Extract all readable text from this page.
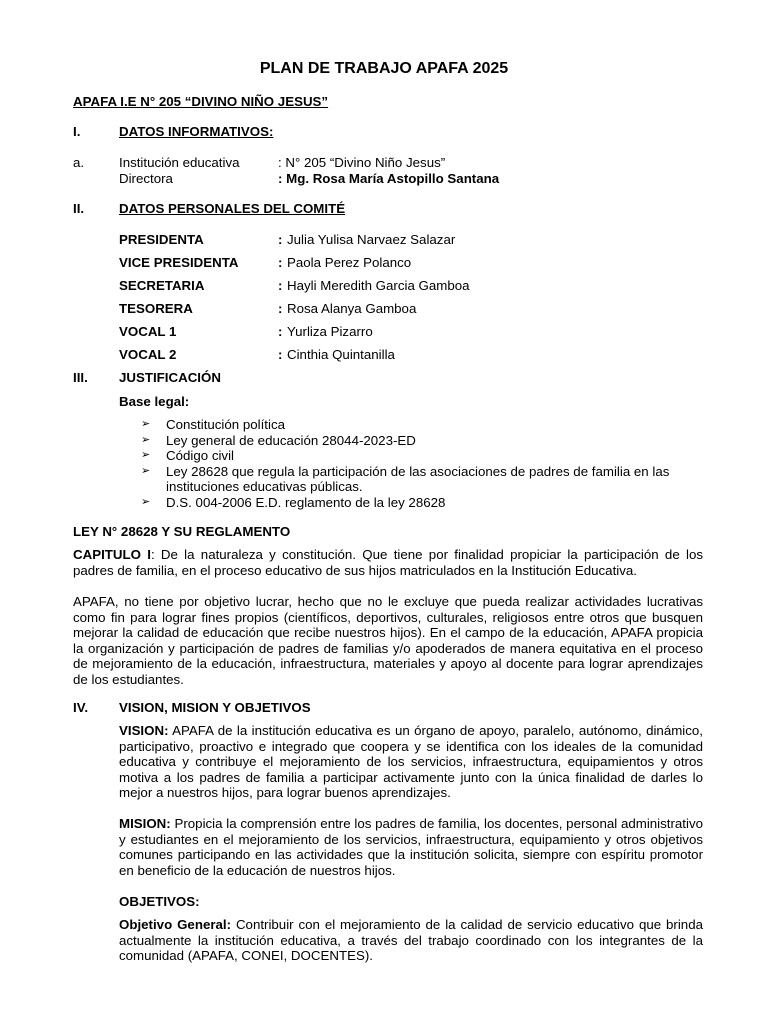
PLAN DE TRABAJO APAFA 2025
APAFA I.E N° 205 “DIVINO NIÑO JESUS”
I.	DATOS INFORMATIVOS:
a.	Institución educativa	: N° 205 “Divino Niño Jesus”
Directora	: Mg. Rosa María Astopillo Santana
II.	DATOS PERSONALES DEL COMITÉ
PRESIDENTA	: Julia Yulisa Narvaez Salazar
VICE PRESIDENTA	: Paola Perez Polanco
SECRETARIA	: Hayli Meredith Garcia Gamboa
TESORERA	: Rosa Alanya Gamboa
VOCAL 1	: Yurliza Pizarro
VOCAL 2	: Cinthia Quintanilla
III. JUSTIFICACIÓN
Base legal:
➢ Constitución política
➢ Ley general de educación 28044-2023-ED
➢ Código civil
➢ Ley 28628 que regula la participación de las asociaciones de padres de familia en las instituciones educativas públicas.
➢ D.S. 004-2006 E.D. reglamento de la ley 28628
LEY N° 28628 Y SU REGLAMENTO
CAPITULO I: De la naturaleza y constitución. Que tiene por finalidad propiciar la participación de los padres de familia, en el proceso educativo de sus hijos matriculados en la Institución Educativa.
APAFA, no tiene por objetivo lucrar, hecho que no le excluye que pueda realizar actividades lucrativas como fin para lograr fines propios (científicos, deportivos, culturales, religiosos entre otros que busquen mejorar la calidad de educación que recibe nuestros hijos). En el campo de la educación, APAFA propicia la organización y participación de padres de familias y/o apoderados de manera equitativa en el proceso de mejoramiento de la educación, infraestructura, materiales y apoyo al docente para lograr aprendizajes de los estudiantes.
IV. VISION, MISION Y OBJETIVOS
VISION: APAFA de la institución educativa es un órgano de apoyo, paralelo, autónomo, dinámico, participativo, proactivo e integrado que coopera y se identifica con los ideales de la comunidad educativa y contribuye el mejoramiento de los servicios, infraestructura, equipamientos y otros motiva a los padres de familia a participar activamente junto con la única finalidad de darles lo mejor a nuestros hijos, para lograr buenos aprendizajes.
MISION: Propicia la comprensión entre los padres de familia, los docentes, personal administrativo y estudiantes en el mejoramiento de los servicios, infraestructura, equipamiento y otros objetivos comunes participando en las actividades que la institución solicita, siempre con espíritu promotor en beneficio de la educación de nuestros hijos.
OBJETIVOS:
Objetivo General: Contribuir con el mejoramiento de la calidad de servicio educativo que brinda actualmente la institución educativa, a través del trabajo coordinado con los integrantes de la comunidad (APAFA, CONEI, DOCENTES).
